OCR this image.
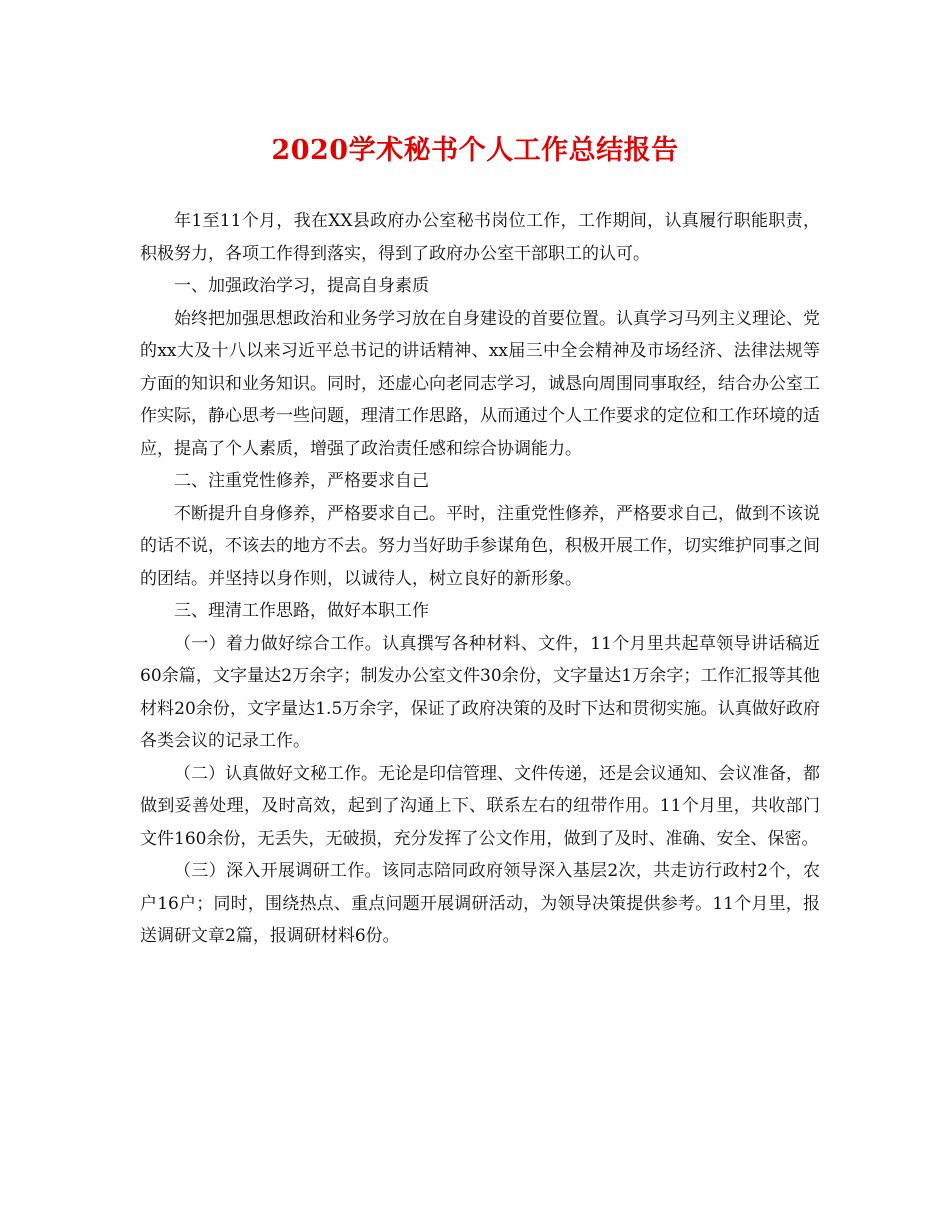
2020学术秘书个人工作总结报告

年1至11个月，我在XX县政府办公室秘书岗位工作，工作期间，认真履行职能职责，积极努力，各项工作得到落实，得到了政府办公室干部职工的认可。

一、加强政治学习，提高自身素质

始终把加强思想政治和业务学习放在自身建设的首要位置。认真学习马列主义理论、党的xx大及十八以来习近平总书记的讲话精神、xx届三中全会精神及市场经济、法律法规等方面的知识和业务知识。同时，还虚心向老同志学习，诚恳向周围同事取经，结合办公室工作实际，静心思考一些问题，理清工作思路，从而通过个人工作要求的定位和工作环境的适应，提高了个人素质，增强了政治责任感和综合协调能力。

二、注重党性修养，严格要求自己

不断提升自身修养，严格要求自己。平时，注重党性修养，严格要求自己，做到不该说的话不说，不该去的地方不去。努力当好助手参谋角色，积极开展工作，切实维护同事之间的团结。并坚持以身作则，以诚待人，树立良好的新形象。

三、理清工作思路，做好本职工作

（一）着力做好综合工作。认真撰写各种材料、文件，11个月里共起草领导讲话稿近60余篇，文字量达2万余字；制发办公室文件30余份，文字量达1万余字；工作汇报等其他材料20余份，文字量达1.5万余字，保证了政府决策的及时下达和贯彻实施。认真做好政府各类会议的记录工作。

（二）认真做好文秘工作。无论是印信管理、文件传递，还是会议通知、会议准备，都做到妥善处理，及时高效，起到了沟通上下、联系左右的纽带作用。11个月里，共收部门文件160余份，无丢失，无破损，充分发挥了公文作用，做到了及时、准确、安全、保密。

（三）深入开展调研工作。该同志陪同政府领导深入基层2次，共走访行政村2个，农户16户；同时，围绕热点、重点问题开展调研活动，为领导决策提供参考。11个月里，报送调研文章2篇，报调研材料6份。
